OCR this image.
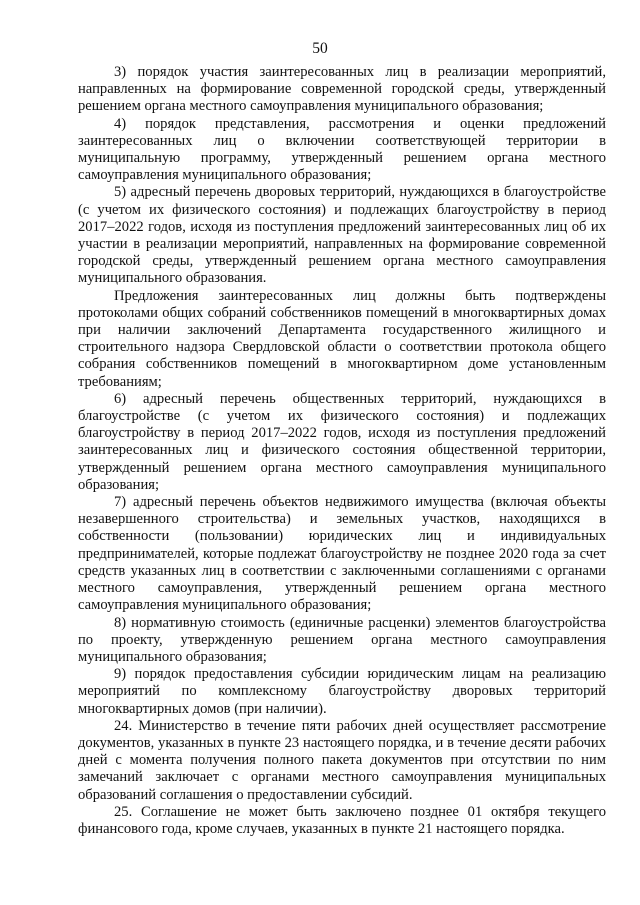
50

3) порядок участия заинтересованных лиц в реализации мероприятий, направленных на формирование современной городской среды, утвержденный решением органа местного самоуправления муниципального образования;

4) порядок представления, рассмотрения и оценки предложений заинтересованных лиц о включении соответствующей территории в муниципальную программу, утвержденный решением органа местного самоуправления муниципального образования;

5) адресный перечень дворовых территорий, нуждающихся в благоустройстве (с учетом их физического состояния) и подлежащих благоустройству в период 2017–2022 годов, исходя из поступления предложений заинтересованных лиц об их участии в реализации мероприятий, направленных на формирование современной городской среды, утвержденный решением органа местного самоуправления муниципального образования.

Предложения заинтересованных лиц должны быть подтверждены протоколами общих собраний собственников помещений в многоквартирных домах при наличии заключений Департамента государственного жилищного и строительного надзора Свердловской области о соответствии протокола общего собрания собственников помещений в многоквартирном доме установленным требованиям;

6) адресный перечень общественных территорий, нуждающихся в благоустройстве (с учетом их физического состояния) и подлежащих благоустройству в период 2017–2022 годов, исходя из поступления предложений заинтересованных лиц и физического состояния общественной территории, утвержденный решением органа местного самоуправления муниципального образования;

7) адресный перечень объектов недвижимого имущества (включая объекты незавершенного строительства) и земельных участков, находящихся в собственности (пользовании) юридических лиц и индивидуальных предпринимателей, которые подлежат благоустройству не позднее 2020 года за счет средств указанных лиц в соответствии с заключенными соглашениями с органами местного самоуправления, утвержденный решением органа местного самоуправления муниципального образования;

8) нормативную стоимость (единичные расценки) элементов благоустройства по проекту, утвержденную решением органа местного самоуправления муниципального образования;

9) порядок предоставления субсидии юридическим лицам на реализацию мероприятий по комплексному благоустройству дворовых территорий многоквартирных домов (при наличии).

24. Министерство в течение пяти рабочих дней осуществляет рассмотрение документов, указанных в пункте 23 настоящего порядка, и в течение десяти рабочих дней с момента получения полного пакета документов при отсутствии по ним замечаний заключает с органами местного самоуправления муниципальных образований соглашения о предоставлении субсидий.

25. Соглашение не может быть заключено позднее 01 октября текущего финансового года, кроме случаев, указанных в пункте 21 настоящего порядка.
